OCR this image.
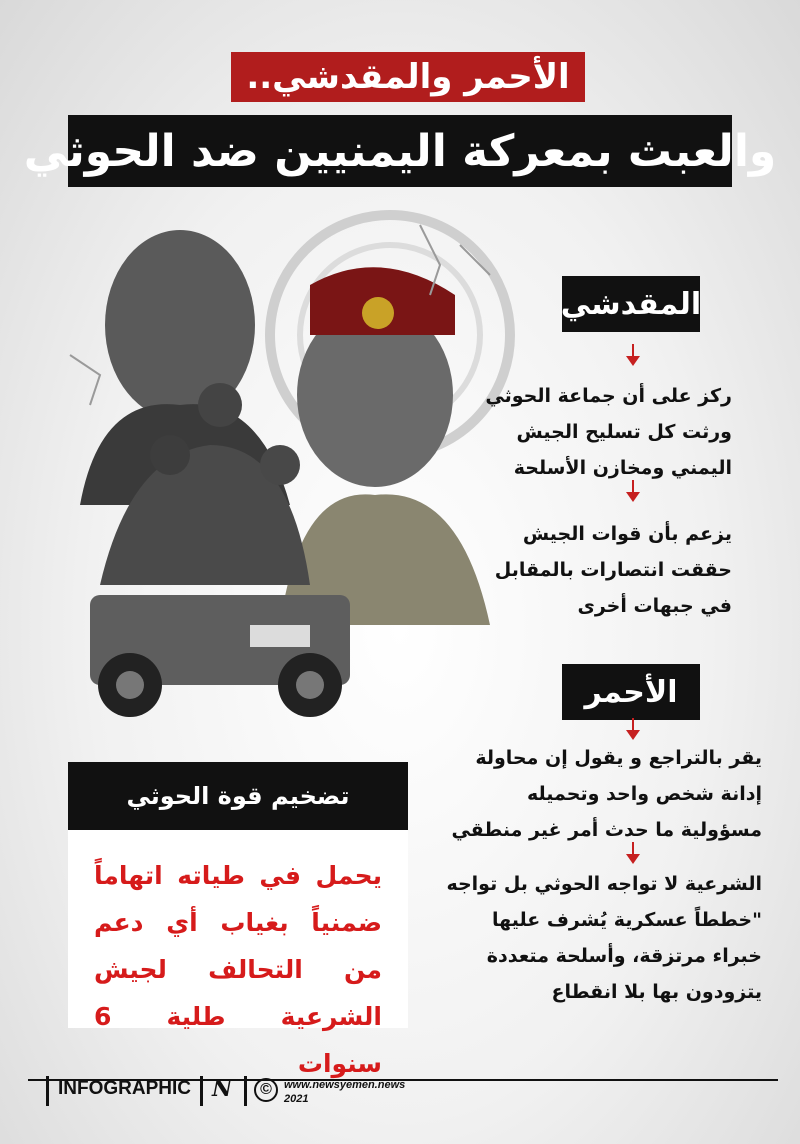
الأحمر والمقدشي..
والعبث بمعركة اليمنيين ضد الحوثي
المقدشي
ركز على أن جماعة الحوثي
ورثت كل تسليح الجيش
اليمني ومخازن الأسلحة
يزعم بأن قوات الجيش
حققت انتصارات بالمقابل
في جبهات أخرى
الأحمر
يقر بالتراجع و يقول إن محاولة
إدانة شخص واحد وتحميله
مسؤولية ما حدث أمر غير منطقي
الشرعية لا تواجه الحوثي بل تواجه
"خططاً عسكرية يُشرف عليها
خبراء مرتزقة، وأسلحة متعددة
يتزودون بها بلا انقطاع
تضخيم قوة الحوثي
يحمل في طياته اتهاماً ضمنياً بغياب أي دعم من التحالف لجيش الشرعية طلية 6 سنوات
INFOGRAPHIC N	©	www.newsyemen.news
2021
